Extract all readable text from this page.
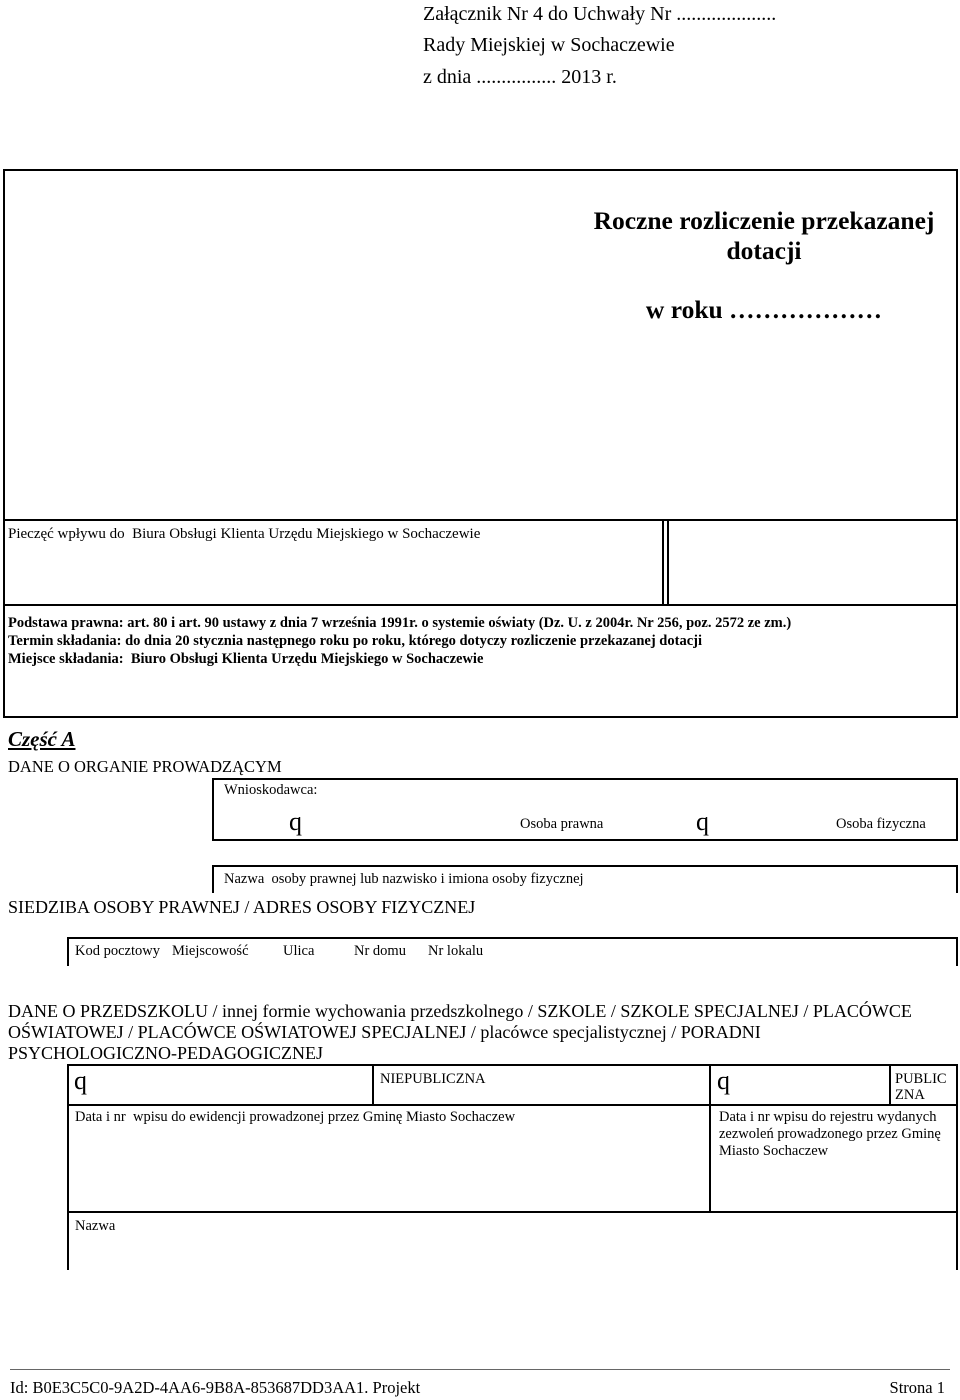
Załącznik Nr 4 do Uchwały Nr ....................
Rady Miejskiej w Sochaczewie
z dnia ................ 2013 r.
Roczne rozliczenie przekazanej dotacji
w roku ………………
Pieczęć wpływu do  Biura Obsługi Klienta Urzędu Miejskiego w Sochaczewie
Podstawa prawna: art. 80 i art. 90 ustawy z dnia 7 września 1991r. o systemie oświaty (Dz. U. z 2004r. Nr 256, poz. 2572 ze zm.)
Termin składania: do dnia 20 stycznia następnego roku po roku, którego dotyczy rozliczenie przekazanej dotacji
Miejsce składania:  Biuro Obsługi Klienta Urzędu Miejskiego w Sochaczewie
Część A
DANE O ORGANIE PROWADZĄCYM
Wnioskodawca:
q	Osoba prawna	q	Osoba fizyczna
Nazwa  osoby prawnej lub nazwisko i imiona osoby fizycznej
SIEDZIBA OSOBY PRAWNEJ / ADRES OSOBY FIZYCZNEJ
Kod pocztowy Miejscowość Ulica	Nr domu Nr lokalu
DANE O PRZEDSZKOLU / innej formie wychowania przedszkolnego / SZKOLE / SZKOLE SPECJALNEJ / PLACÓWCE
OŚWIATOWEJ / PLACÓWCE OŚWIATOWEJ SPECJALNEJ / placówce specjalistycznej / PORADNI
PSYCHOLOGICZNO-PEDAGOGICZNEJ
q	NIEPUBLICZNA	q	PUBLIC
ZNA
Data i nr  wpisu do ewidencji prowadzonej przez Gminę Miasto Sochaczew	Data i nr wpisu do rejestru wydanych
zezwoleń prowadzonego przez Gminę
Miasto Sochaczew
Nazwa
Id: B0E3C5C0-9A2D-4AA6-9B8A-853687DD3AA1. Projekt	Strona 1
